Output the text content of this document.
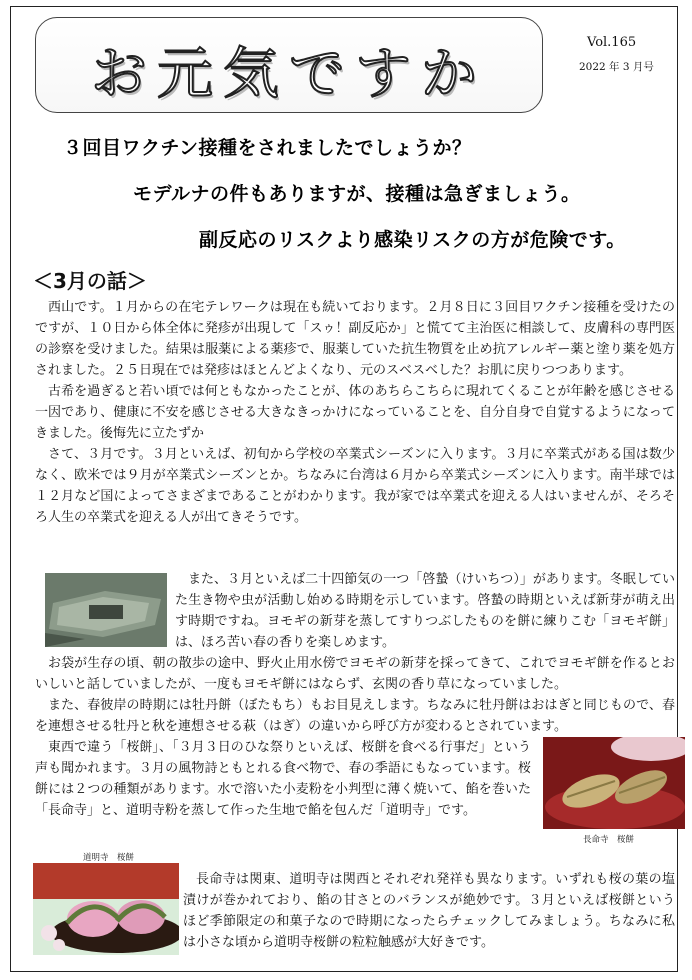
お元気ですか	Vol.165
2022 年 3 月号
３回目ワクチン接種をされましたでしょうか？
モデルナの件もありますが、接種は急ぎましょう。
副反応のリスクより感染リスクの方が危険です。
＜3月の話＞

西山です。１月からの在宅テレワークは現在も続いております。２月８日に３回目ワクチン接種を受けたのですが、１０日から体全体に発疹が出現して「スゥ！副反応か」と慌てて主治医に相談して、皮膚科の専門医の診察を受けました。結果は服薬による薬疹で、服薬していた抗生物質を止め抗アレルギー薬と塗り薬を処方されました。２５日現在では発疹はほとんどよくなり、元のスベスベした？お肌に戻りつつあります。

古希を過ぎると若い頃では何ともなかったことが、体のあちらこちらに現れてくることが年齢を感じさせる一因であり、健康に不安を感じさせる大きなきっかけになっていることを、自分自身で自覚するようになってきました。後悔先に立たずか

さて、３月です。３月といえば、初旬から学校の卒業式シーズンに入ります。３月に卒業式がある国は数少なく、欧米では９月が卒業式シーズンとか。ちなみに台湾は６月から卒業式シーズンに入ります。南半球では１２月など国によってさまざまであることがわかります。我が家では卒業式を迎える人はいませんが、そろそろ人生の卒業式を迎える人が出てきそうです。

また、３月といえば二十四節気の一つ「啓蟄（けいちつ）」があります。冬眠していた生き物や虫が活動し始める時期を示しています。啓蟄の時期といえば新芽が萌え出す時期ですね。ヨモギの新芽を蒸してすりつぶしたものを餅に練りこむ「ヨモギ餅」は、ほろ苦い春の香りを楽しめます。

お袋が生存の頃、朝の散歩の途中、野火止用水傍でヨモギの新芽を採ってきて、これでヨモギ餅を作るとおいしいと話していましたが、一度もヨモギ餅にはならず、玄関の香り草になっていました。

また、春彼岸の時期には牡丹餅（ぼたもち）もお目見えします。ちなみに牡丹餅はおはぎと同じもので、春を連想させる牡丹と秋を連想させる萩（はぎ）の違いから呼び方が変わるとされています。

東西で違う「桜餅」、「３月３日のひな祭りといえば、桜餅を食べる行事だ」という声も聞かれます。３月の風物詩ともとれる食べ物で、春の季語にもなっています。桜餅には２つの種類があります。水で溶いた小麦粉を小判型に薄く焼いて、餡を巻いた「長命寺」と、道明寺粉を蒸して作った生地で餡を包んだ「道明寺」です。

長命寺　桜餅
道明寺　桜餅

長命寺は関東、道明寺は関西とそれぞれ発祥も異なります。いずれも桜の葉の塩漬けが巻かれており、餡の甘さとのバランスが絶妙です。３月といえば桜餅というほど季節限定の和菓子なので時期になったらチェックしてみましょう。ちなみに私は小さな頃から道明寺桜餅の粒粒触感が大好きです。
